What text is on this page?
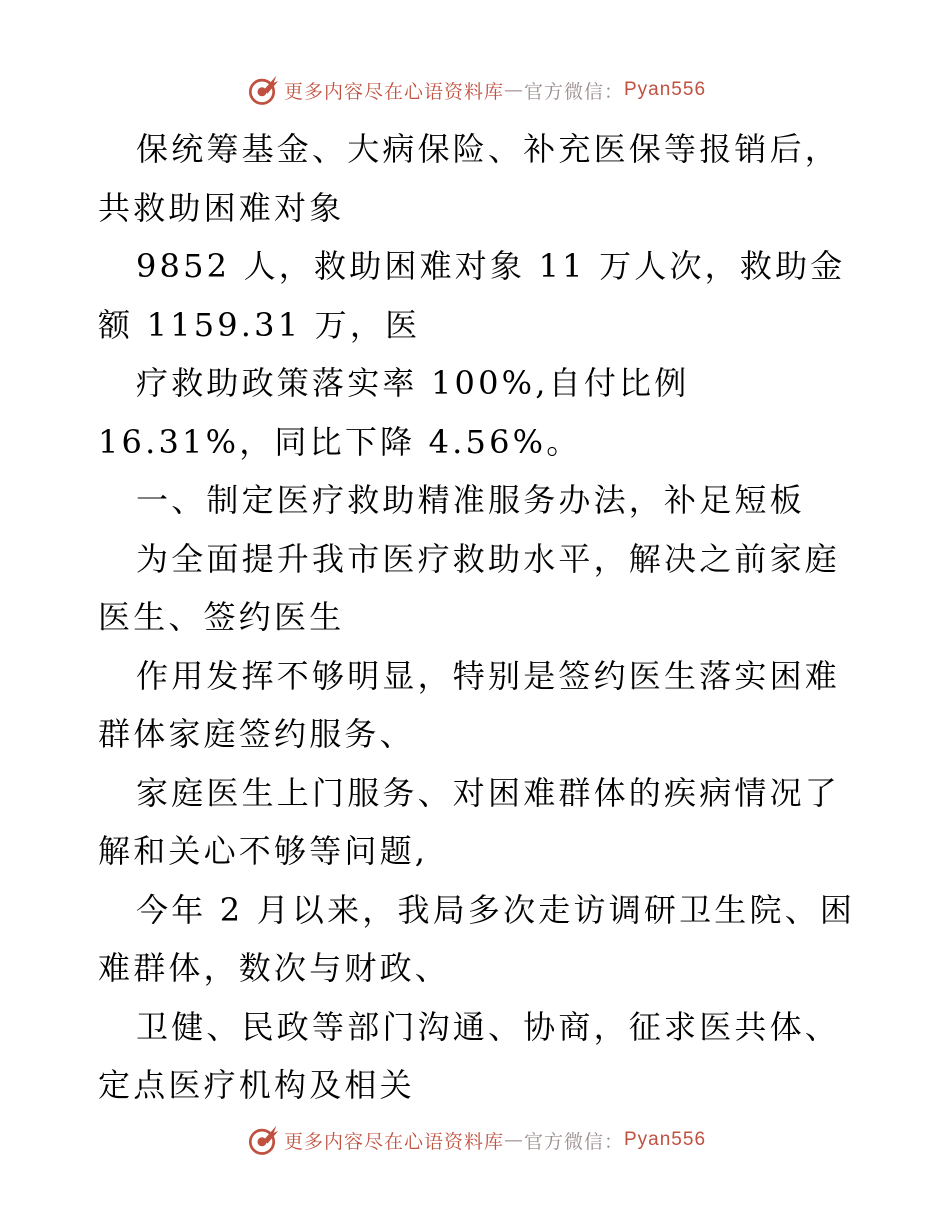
更多内容尽在心语资料库 — 官方微信： Pyan556

保统筹基金、大病保险、补充医保等报销后，共救助困难对象

9852 人，救助困难对象 11 万人次，救助金额 1159.31 万，医

疗救助政策落实率 100%,自付比例 16.31%，同比下降 4.56%。

一、制定医疗救助精准服务办法，补足短板

为全面提升我市医疗救助水平，解决之前家庭医生、签约医生

作用发挥不够明显，特别是签约医生落实困难群体家庭签约服务、

家庭医生上门服务、对困难群体的疾病情况了解和关心不够等问题,

今年 2 月以来，我局多次走访调研卫生院、困难群体，数次与财政、

卫健、民政等部门沟通、协商，征求医共体、定点医疗机构及相关

更多内容尽在心语资料库 — 官方微信： Pyan556
